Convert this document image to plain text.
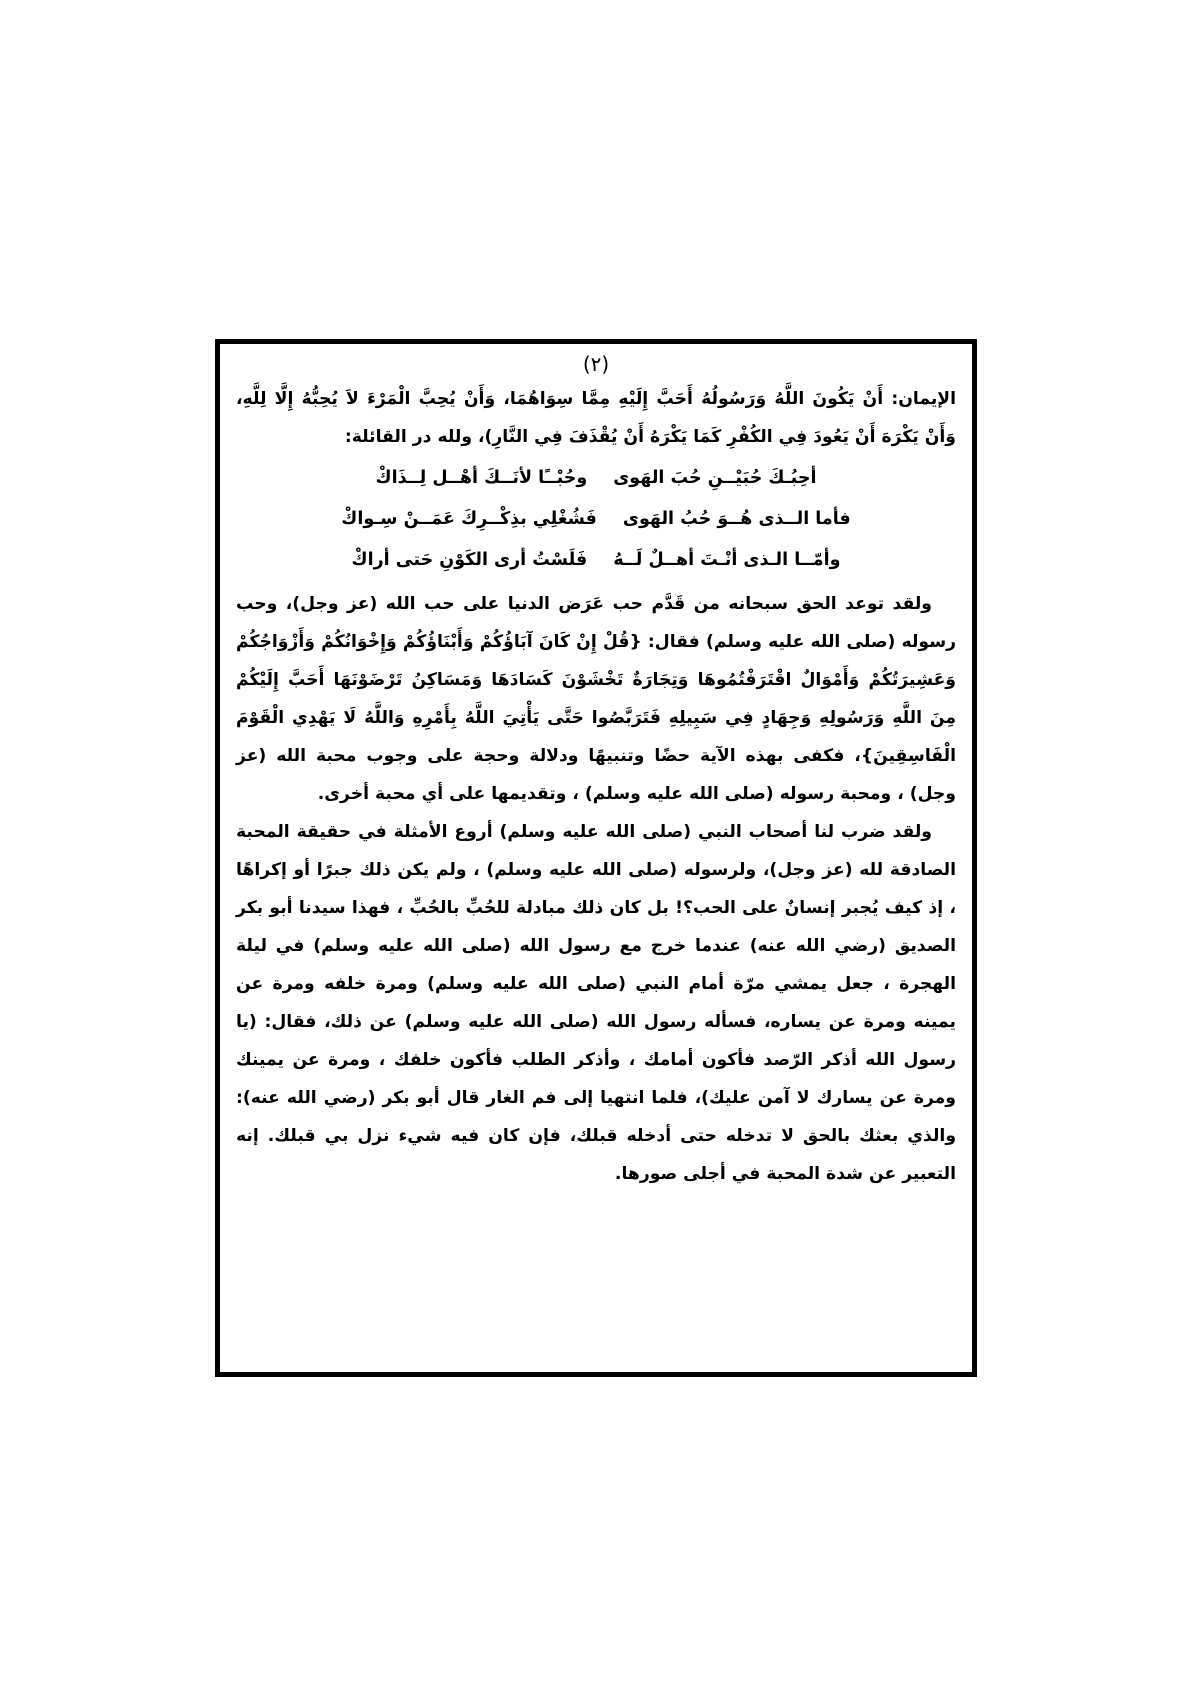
(٢)

الإيمان: أَنْ يَكُونَ اللَّهُ وَرَسُولُهُ أَحَبَّ إِلَيْهِ مِمَّا سِوَاهُمَا، وَأَنْ يُحِبَّ الْمَرْءَ لاَ يُحِبُّهُ إِلَّا لِلَّهِ، وَأَنْ يَكْرَهَ أَنْ يَعُودَ فِي الكُفْرِ كَمَا يَكْرَهُ أَنْ يُقْذَفَ فِي النَّارِ)، ولله در القائلة:

أحِبُـكَ حُبَيْــنِ حُبَ الهَوى
وحُبْــًا لأنَــكَ أهْــل لِــذَاكْ
فأما الــذى هُــوَ حُبُ الهَوى
فَشُغْلِي بذِكْــرِكَ عَمَــنْ سِـواكْ
وأمّــا الـذى أنْـتَ أهــلٌ لَــهُ
فَلَسْتُ أرى الكَوْنِ حَتى أراكْ

ولقد توعد الحق سبحانه من قَدَّم حب عَرَض الدنيا على حب الله (عز وجل)، وحب رسوله (صلى الله عليه وسلم) فقال: {قُلْ إِنْ كَانَ آبَاؤُكُمْ وَأَبْنَاؤُكُمْ وَإِخْوَانُكُمْ وَأَزْوَاجُكُمْ وَعَشِيرَتُكُمْ وَأَمْوَالٌ اقْتَرَفْتُمُوهَا وَتِجَارَةٌ تَخْشَوْنَ كَسَادَهَا وَمَسَاكِنُ تَرْضَوْنَهَا أَحَبَّ إِلَيْكُمْ مِنَ اللَّهِ وَرَسُولِهِ وَجِهَادٍ فِي سَبِيلِهِ فَتَرَبَّصُوا حَتَّى يَأْتِيَ اللَّهُ بِأَمْرِهِ وَاللَّهُ لَا يَهْدِي الْقَوْمَ الْفَاسِقِينَ}، فكفى بهذه الآية حضًا وتنبيهًا ودلالة وحجة على وجوب محبة الله (عز وجل) ، ومحبة رسوله (صلى الله عليه وسلم) ، وتقديمها على أي محبة أخرى.

ولقد ضرب لنا أصحاب النبي (صلى الله عليه وسلم) أروع الأمثلة في حقيقة المحبة الصادقة لله (عز وجل)، ولرسوله (صلى الله عليه وسلم) ، ولم يكن ذلك جبرًا أو إكراهًا ، إذ كيف يُجبر إنسانٌ على الحب؟! بل كان ذلك مبادلة للحُبِّ بالحُبِّ ، فهذا سيدنا أبو بكر الصديق (رضي الله عنه) عندما خرج مع رسول الله (صلى الله عليه وسلم) في ليلة الهجرة ، جعل يمشي مرّة أمام النبي (صلى الله عليه وسلم) ومرة خلفه ومرة عن يمينه ومرة عن يساره، فسأله رسول الله (صلى الله عليه وسلم) عن ذلك، فقال: (يا رسول الله أذكر الرّصد فأكون أمامك ، وأذكر الطلب فأكون خلفك ، ومرة عن يمينك ومرة عن يسارك لا آمن عليك)، فلما انتهيا إلى فم الغار قال أبو بكر (رضي الله عنه): والذي بعثك بالحق لا تدخله حتى أدخله قبلك، فإن كان فيه شيء نزل بي قبلك. إنه التعبير عن شدة المحبة في أجلى صورها.
